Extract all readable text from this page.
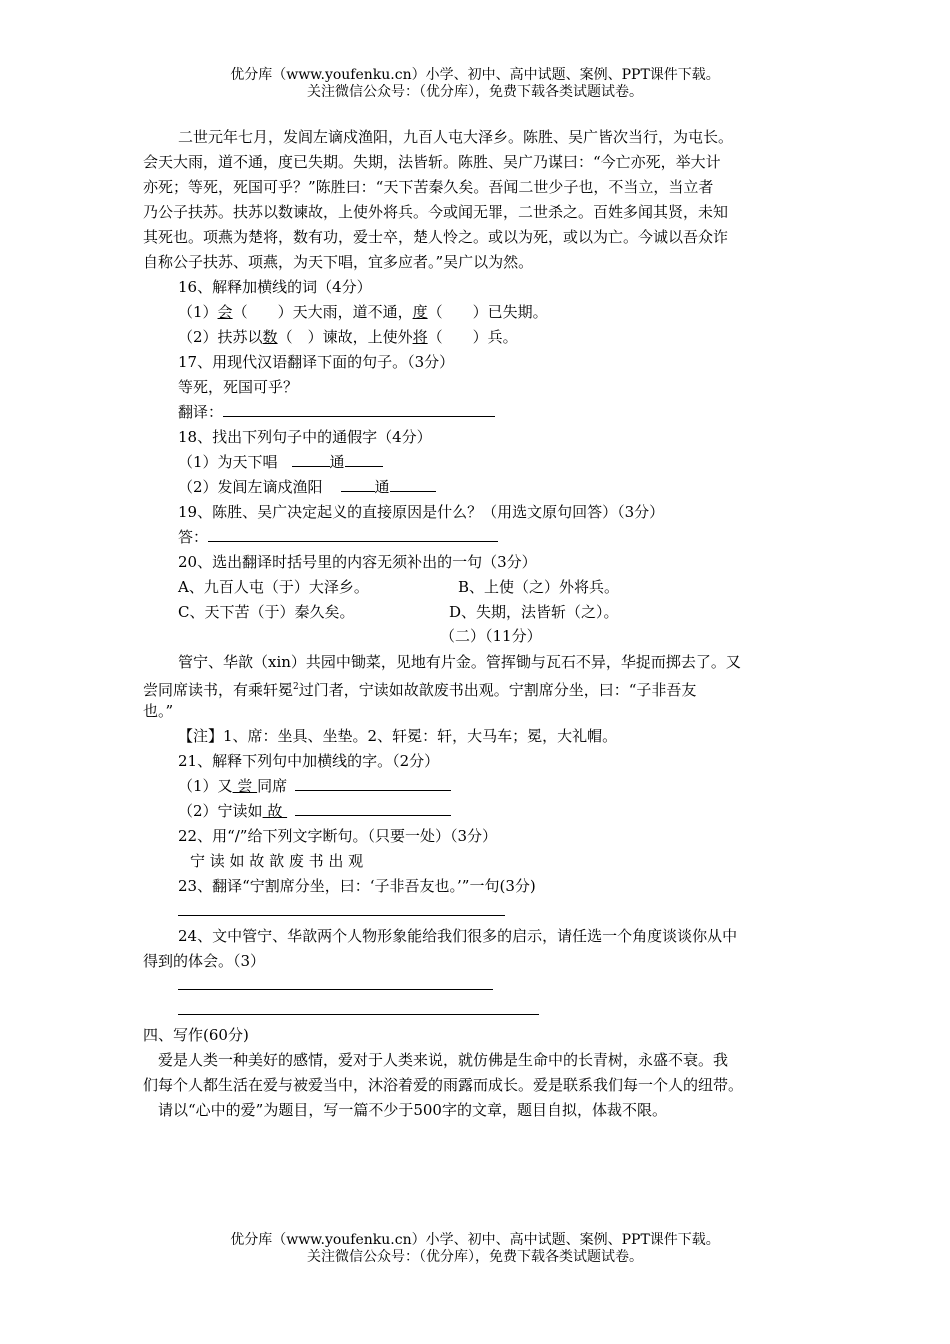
优分库（www.youfenku.cn）小学、初中、高中试题、案例、PPT课件下载。
关注微信公众号：（优分库），免费下载各类试题试卷。
二世元年七月，发闾左谪戍渔阳，九百人屯大泽乡。陈胜、吴广皆次当行，为屯长。
会天大雨，道不通，度已失期。失期，法皆斩。陈胜、吴广乃谋曰：“今亡亦死，举大计
亦死；等死，死国可乎？”陈胜曰：“天下苦秦久矣。吾闻二世少子也，不当立，当立者
乃公子扶苏。扶苏以数谏故，上使外将兵。今或闻无罪，二世杀之。百姓多闻其贤，未知
其死也。项燕为楚将，数有功，爱士卒，楚人怜之。或以为死，或以为亡。今诚以吾众诈
自称公子扶苏、项燕，为天下唱，宜多应者。”吴广以为然。
16、解释加横线的词（4分）
（1）会（　　）天大雨，道不通，度（　　）已失期。
（2）扶苏以数（　）谏故，上使外将（　　）兵。
17、用现代汉语翻译下面的句子。（3分）
等死，死国可乎？
翻译：
18、找出下列句子中的通假字（4分）
（1）为天下唱	通
（2）发闾左谪戍渔阳	通
19、陈胜、吴广决定起义的直接原因是什么？（用选文原句回答）（3分）
答：
20、选出翻译时括号里的内容无须补出的一句（3分）
A、九百人屯（于）大泽乡。	B、上使（之）外将兵。
C、天下苦（于）秦久矣。	D、失期，法皆斩（之）。
（二）（11分）
管宁、华歆（xin）共园中锄菜，见地有片金。管挥锄与瓦石不异，华捉而掷去了。又
尝同席读书，有乘轩冕$^2$过门者，宁读如故歆废书出观。宁割席分坐，曰：“子非吾友
也。”
【注】1、席：坐具、坐垫。2、轩冕：轩，大马车；冕，大礼帽。
21、解释下列句中加横线的字。（2分）
（1）又 尝 同席
（2）宁读如 故
22、用“/”给下列文字断句。（只要一处）（3分）
宁 读 如 故 歆 废 书 出 观
23、翻译“宁割席分坐，曰：‘子非吾友也。’”一句(3分)
24、文中管宁、华歆两个人物形象能给我们很多的启示，请任选一个角度谈谈你从中
得到的体会。（3）
四、写作(60分)
　爱是人类一种美好的感情，爱对于人类来说，就仿佛是生命中的长青树，永盛不衰。我
们每个人都生活在爱与被爱当中，沐浴着爱的雨露而成长。爱是联系我们每一个人的纽带。
　请以“心中的爱”为题目，写一篇不少于500字的文章，题目自拟，体裁不限。
优分库（www.youfenku.cn）小学、初中、高中试题、案例、PPT课件下载。
关注微信公众号：（优分库），免费下载各类试题试卷。
